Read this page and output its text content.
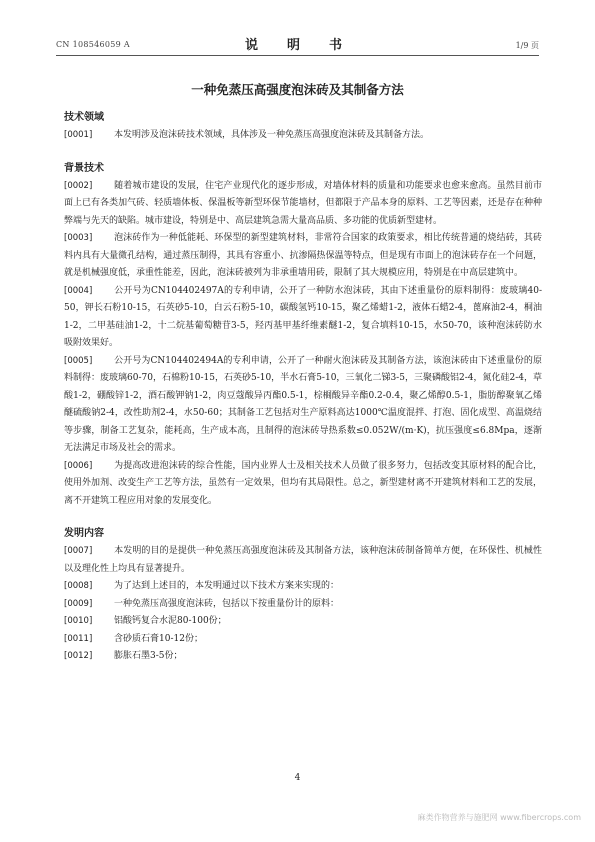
CN 108546059 A	说　明　书	1/9 页
一种免蒸压高强度泡沫砖及其制备方法
技术领域

[0001] 本发明涉及泡沫砖技术领域，具体涉及一种免蒸压高强度泡沫砖及其制备方法。

背景技术

[0002] 随着城市建设的发展，住宅产业现代化的逐步形成，对墙体材料的质量和功能要求也愈来愈高。虽然目前市面上已有各类加气砖、轻质墙体板、保温板等新型环保节能墙材，但都限于产品本身的原料、工艺等因素，还是存在种种弊端与先天的缺陷。城市建设，特别是中、高层建筑急需大量高品质、多功能的优质新型建材。

[0003] 泡沫砖作为一种低能耗、环保型的新型建筑材料，非常符合国家的政策要求，相比传统普通的烧结砖，其砖料内具有大量微孔结构，通过蒸压制得，其具有容重小、抗渗隔热保温等特点，但是现有市面上的泡沫砖存在一个问题，就是机械强度低，承重性能差，因此，泡沫砖被列为非承重墙用砖，限制了其大规模应用，特别是在中高层建筑中。

[0004] 公开号为CN104402497A的专利申请，公开了一种防水泡沫砖，其由下述重量份的原料制得：废玻璃40-50，钾长石粉10-15，石英砂5-10，白云石粉5-10，碳酸氢钙10-15，聚乙烯蜡1-2，液体石蜡2-4，蓖麻油2-4，桐油1-2，二甲基硅油1-2，十二烷基葡萄糖苷3-5，羟丙基甲基纤维素醚1-2，复合填料10-15，水50-70，该种泡沫砖防水吸附效果好。

[0005] 公开号为CN104402494A的专利申请，公开了一种耐火泡沫砖及其制备方法，该泡沫砖由下述重量份的原料制得：废玻璃60-70，石棉粉10-15，石英砂5-10，半水石膏5-10，三氧化二锑3-5，三聚磷酸铝2-4，氮化硅2-4，草酸1-2，硼酸锌1-2，酒石酸钾钠1-2，肉豆蔻酸异丙酯0.5-1，棕榈酸异辛酯0.2-0.4，聚乙烯醇0.5-1，脂肪醇聚氧乙烯醚硫酸钠2-4，改性助剂2-4，水50-60；其制备工艺包括对生产原料高达1000℃温度混拌、打泡、固化成型、高温烧结等步骤，制备工艺复杂，能耗高，生产成本高，且制得的泡沫砖导热系数≤0.052W/(m·K)，抗压强度≤6.8Mpa，逐渐无法满足市场及社会的需求。

[0006] 为提高改进泡沫砖的综合性能，国内业界人士及相关技术人员做了很多努力，包括改变其原材料的配合比，使用外加剂、改变生产工艺等方法，虽然有一定效果，但均有其局限性。总之，新型建材离不开建筑材料和工艺的发展，离不开建筑工程应用对象的发展变化。

发明内容

[0007] 本发明的目的是提供一种免蒸压高强度泡沫砖及其制备方法，该种泡沫砖制备简单方便，在环保性、机械性以及理化性上均具有显著提升。

[0008] 为了达到上述目的，本发明通过以下技术方案来实现的：

[0009] 一种免蒸压高强度泡沫砖，包括以下按重量份计的原料：

[0010] 铝酸钙复合水泥80-100份；

[0011] 含砂质石膏10-12份；

[0012] 膨胀石墨3-5份；

4
麻类作物营养与施肥网 www.fibercrops.com
